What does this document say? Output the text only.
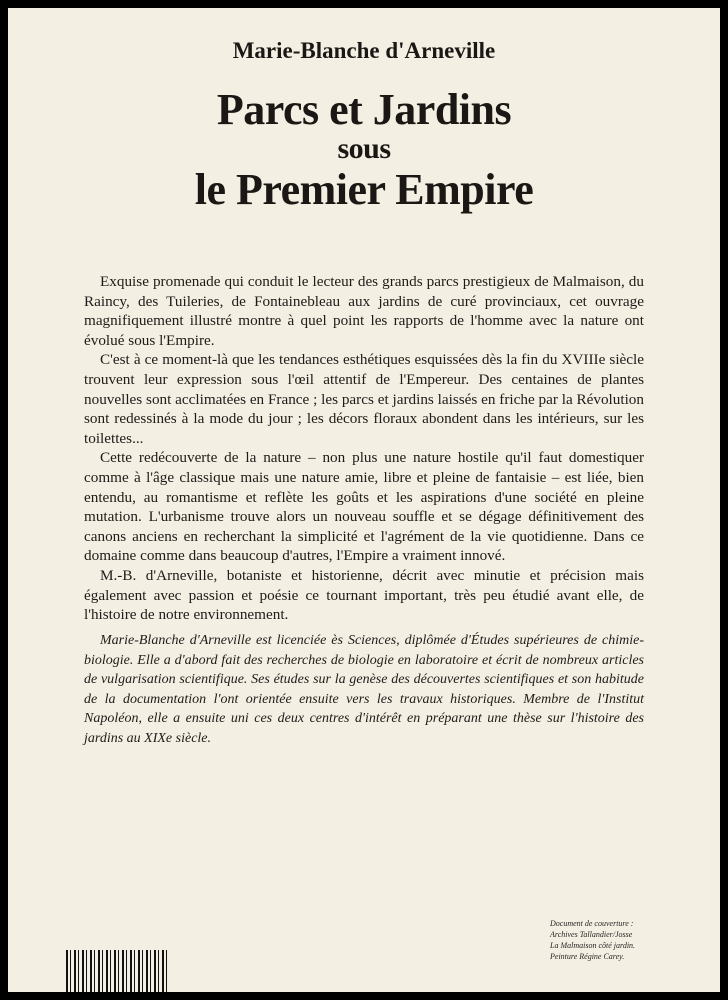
Marie-Blanche d'Arneville
Parcs et Jardins
sous
le Premier Empire

Exquise promenade qui conduit le lecteur des grands parcs prestigieux de Malmaison, du Raincy, des Tuileries, de Fontainebleau aux jardins de curé provinciaux, cet ouvrage magnifiquement illustré montre à quel point les rapports de l'homme avec la nature ont évolué sous l'Empire.

C'est à ce moment-là que les tendances esthétiques esquissées dès la fin du XVIIIe siècle trouvent leur expression sous l'œil attentif de l'Empereur. Des centaines de plantes nouvelles sont acclimatées en France ; les parcs et jardins laissés en friche par la Révolution sont redessinés à la mode du jour ; les décors floraux abondent dans les intérieurs, sur les toilettes...

Cette redécouverte de la nature – non plus une nature hostile qu'il faut domestiquer comme à l'âge classique mais une nature amie, libre et pleine de fantaisie – est liée, bien entendu, au romantisme et reflète les goûts et les aspirations d'une société en pleine mutation. L'urbanisme trouve alors un nouveau souffle et se dégage définitivement des canons anciens en recherchant la simplicité et l'agrément de la vie quotidienne. Dans ce domaine comme dans beaucoup d'autres, l'Empire a vraiment innové.

M.-B. d'Arneville, botaniste et historienne, décrit avec minutie et précision mais également avec passion et poésie ce tournant important, très peu étudié avant elle, de l'histoire de notre environnement.

Marie-Blanche d'Arneville est licenciée ès Sciences, diplômée d'Études supérieures de chimie-biologie. Elle a d'abord fait des recherches de biologie en laboratoire et écrit de nombreux articles de vulgarisation scientifique. Ses études sur la genèse des découvertes scientifiques et son habitude de la documentation l'ont orientée ensuite vers les travaux historiques. Membre de l'Institut Napoléon, elle a ensuite uni ces deux centres d'intérêt en préparant une thèse sur l'histoire des jardins au XIXe siècle.
Document de couverture :
Archives Tallandier/Josse
La Malmaison côté jardin.
Peinture Régine Carey.
